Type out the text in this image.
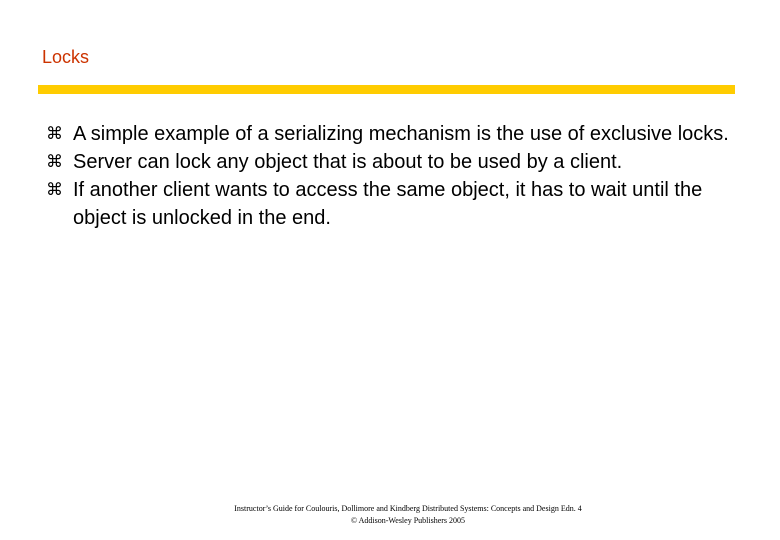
Locks
⌘ A simple example of a serializing mechanism is the use of exclusive locks.
⌘ Server can lock any object that is about to be used by a client.
⌘ If another client wants to access the same object, it has to wait until the object is unlocked in the end.
Instructor’s Guide for Coulouris, Dollimore and Kindberg Distributed Systems: Concepts and Design Edn. 4
© Addison-Wesley Publishers 2005
